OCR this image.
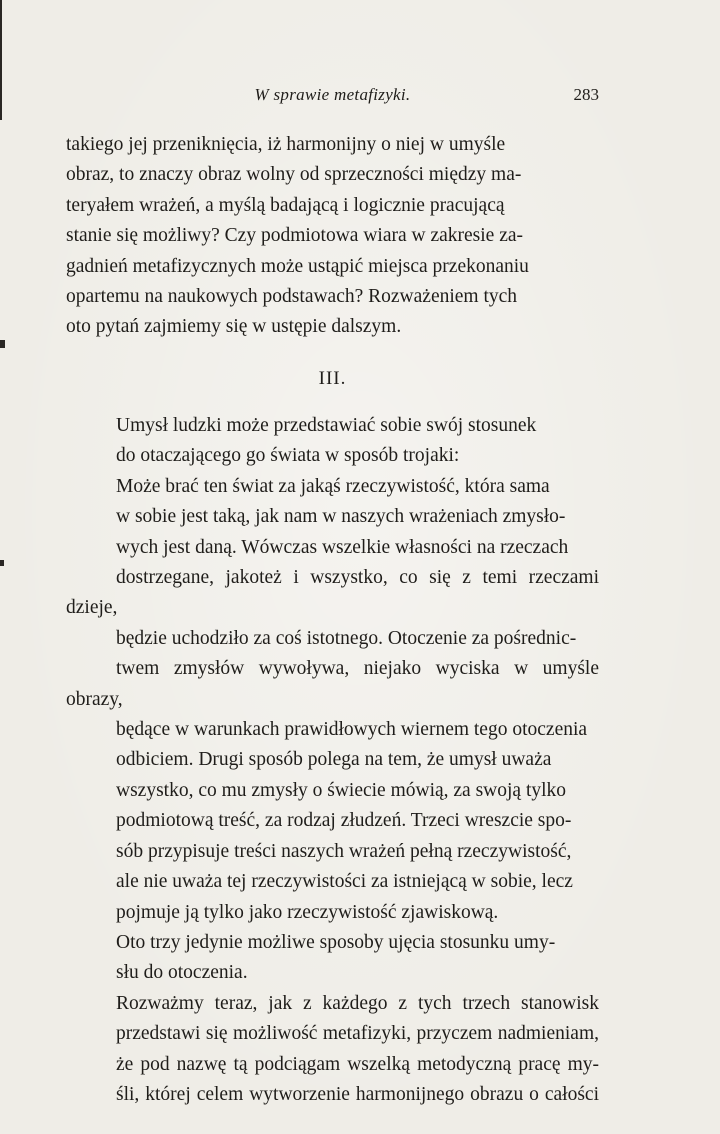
W sprawie metafizyki.	283

takiego jej przeniknięcia, iż harmonijny o niej w umyśle
obraz, to znaczy obraz wolny od sprzeczności między ma-
teryałem wrażeń, a myślą badającą i logicznie pracującą
stanie się możliwy? Czy podmiotowa wiara w zakresie za-
gadnień metafizycznych może ustąpić miejsca przekonaniu
opartemu na naukowych podstawach? Rozważeniem tych
oto pytań zajmiemy się w ustępie dalszym.

III.

Umysł ludzki może przedstawiać sobie swój stosunek
do otaczającego go świata w sposób trojaki:

Może brać ten świat za jakąś rzeczywistość, która sama
w sobie jest taką, jak nam w naszych wrażeniach zmysło-
wych jest daną. Wówczas wszelkie własności na rzeczach
dostrzegane, jakoteż i wszystko, co się z temi rzeczami dzieje,
będzie uchodziło za coś istotnego. Otoczenie za pośrednic-
twem zmysłów wywoływa, niejako wyciska w umyśle obrazy,
będące w warunkach prawidłowych wiernem tego otoczenia
odbiciem. Drugi sposób polega na tem, że umysł uważa
wszystko, co mu zmysły o świecie mówią, za swoją tylko
podmiotową treść, za rodzaj złudzeń. Trzeci wreszcie spo-
sób przypisuje treści naszych wrażeń pełną rzeczywistość,
ale nie uważa tej rzeczywistości za istniejącą w sobie, lecz
pojmuje ją tylko jako rzeczywistość zjawiskową.

Oto trzy jedynie możliwe sposoby ujęcia stosunku umy-
słu do otoczenia.

Rozważmy teraz, jak z każdego z tych trzech stanowisk
przedstawi się możliwość metafizyki, przyczem nadmieniam,
że pod nazwę tą podciągam wszelką metodyczną pracę my-
śli, której celem wytworzenie harmonijnego obrazu o całości
